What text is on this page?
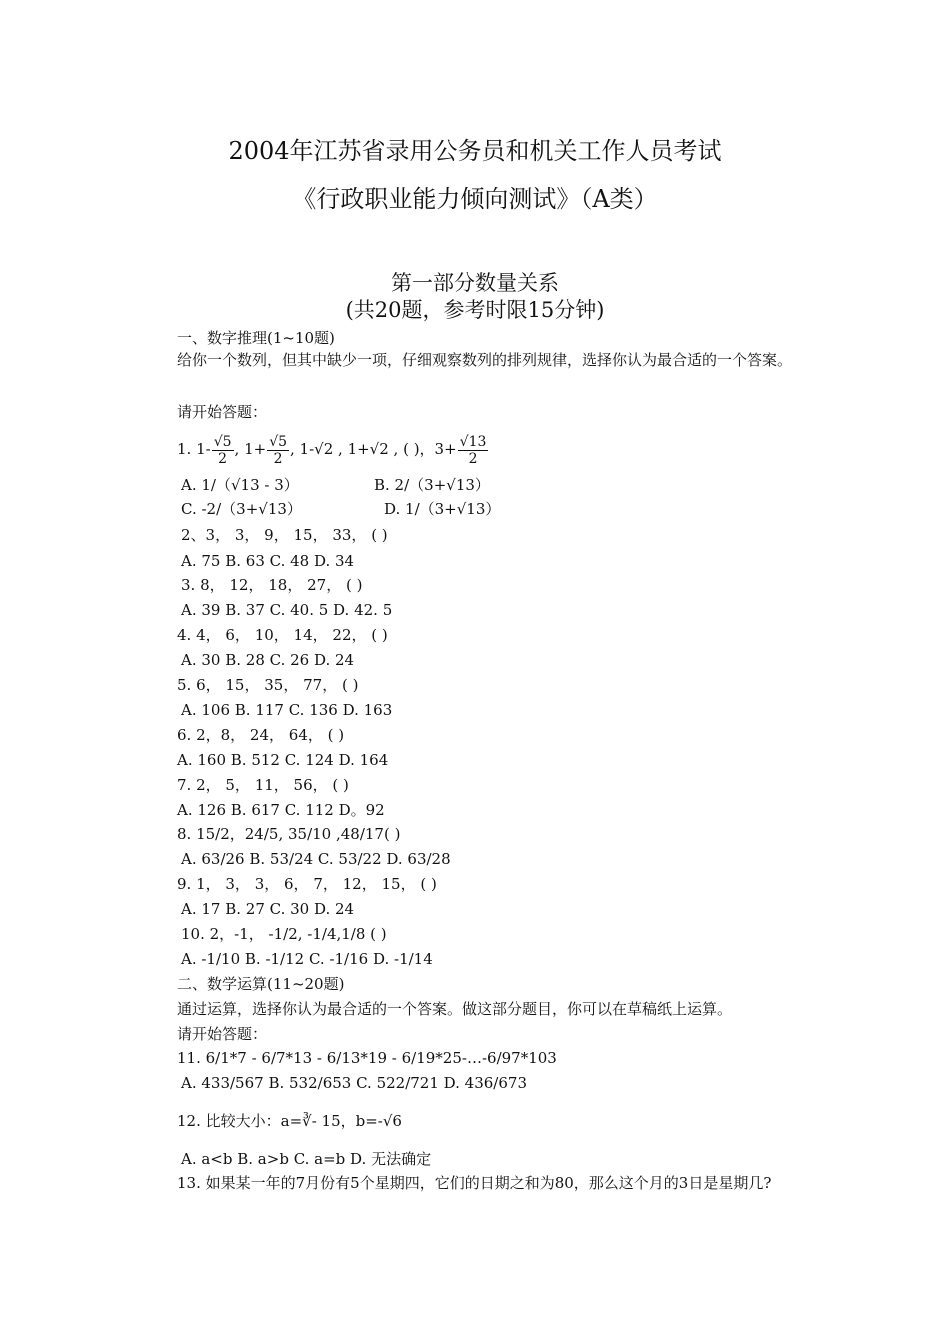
2004年江苏省录用公务员和机关工作人员考试
《行政职业能力倾向测试》（A类）
第一部分数量关系
(共20题，参考时限15分钟)
一、数字推理(1~10题)
给你一个数列，但其中缺少一项，仔细观察数列的排列规律，选择你认为最合适的一个答案。
请开始答题：
1. $1- \frac{√5}{2}$ , $1+ \frac{√5}{2}$ , 1-√2 , 1+√2 , ( )，$3+ \frac{√13}{2}$
A. 1/（√13 - 3）	B. 2/（3+√13）
C. -2/（3+√13）	D. 1/（3+√13）
2、3， 3， 9， 15， 33， ( )
A. 75 B. 63 C. 48 D. 34
3. 8， 12， 18， 27， ( )
A. 39 B. 37 C. 40. 5 D. 42. 5
4. 4， 6， 10， 14， 22， ( )
A. 30 B. 28 C. 26 D. 24
5. 6， 15， 35， 77， ( )
A. 106 B. 117 C. 136 D. 163
6. 2，8， 24， 64， ( )
A. 160 B. 512 C. 124 D. 164
7. 2， 5， 11， 56， ( )
A. 126 B. 617 C. 112 D。92
8. 15/2，24/5, 35/10 ,48/17( )
A. 63/26 B. 53/24 C. 53/22 D. 63/28
9. 1， 3， 3， 6， 7， 12， 15， ( )
A. 17 B. 27 C. 30 D. 24
10. 2，-1， -1/2, -1/4,1/8 ( )
A. -1/10 B. -1/12 C. -1/16 D. -1/14
二、数学运算(11~20题)
通过运算，选择你认为最合适的一个答案。做这部分题目，你可以在草稿纸上运算。
请开始答题：
11. 6/1*7 - 6/7*13 - 6/13*19 - 6/19*25-…-6/97*103
A. 433/567 B. 532/653 C. 522/721 D. 436/673
12. 比较大小：a=∛- 15，b=-√6
A. a<b B. a>b C. a=b D. 无法确定
13. 如果某一年的7月份有5个星期四，它们的日期之和为80，那么这个月的3日是星期几?
